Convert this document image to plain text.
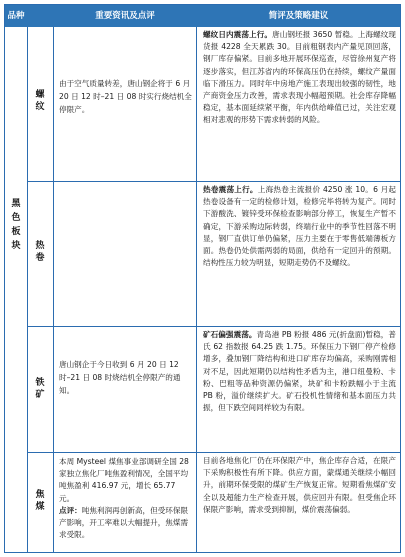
品种	重要资讯及点评	简评及策略建议
黑色板块
螺纹
由于空气质量转差，唐山钢企将于 6 月 20 日 12 时–21 日 08 时实行烧结机全停限产。
螺纹日内震荡上行。唐山钢坯报 3650 暂稳。上海螺纹现货报 4228 全天累跌 30。目前粗钢表内产量见顶回落，钢厂库存偏紧。目前多地开展环保巡查，尽管徐州复产将逐步落实，但江苏省内的环保高压仍在持续，螺纹产量面临下滑压力。同时年中房地产施工表现出较强的韧性，地产商资金压力改善，需求表现小幅超预期。社会库存降幅稳定，基本面延续紧平衡，年内供给峰值已过，关注宏观相对悲观的形势下需求转弱的风险。
热卷
热卷震荡上行。上海热卷主流报价 4250 涨 10。6 月起热卷设备有一定的检修计划，检修完毕将转为复产。同时下游酸洗、镀锌受环保检查影响部分停工，恢复生产暂不确定，下游采购边际转弱，终端行业中的季节性回落不明显，钢厂直供订单仍偏紧，压力主要在于零售低端薄板方面。热卷仍处供需两弱的局面，供给有一定回升的预期。结构性压力较为明显，短期走势仍不及螺纹。
铁矿
唐山钢企于今日收到 6 月 20 日 12 时–21 日 08 时烧结机全停限产的通知。
矿石偏强震荡。青岛港 PB 粉报 486 元(折盘面)暂稳，普氏 62 指数报 64.25 跌 1.75。环保压力下钢厂停产检修增多，叠加钢厂降结构和进口矿库存均偏高，采购刚需相对不足，因此短期仍以结构性矛盾为主，港口纽曼粉、卡粉、巴粗等品种资源仍偏紧，块矿和卡粉跌幅小于主流 PB 粉，溢价继续扩大。矿石投机性情绪和基本面压力共振，但下跌空间同样较为有限。
焦煤
本周 Mysteel 煤焦事业部调研全国 28 家独立焦化厂吨焦盈利情况，全国平均吨焦盈利 416.97 元，增长 65.77 元。
点评：吨焦利润再创新高，但受环保限产影响，开工率难以大幅提升，焦煤需求受限。
目前各地焦化厂仍在环保限产中，焦企库存合适，在限产下采购积极性有所下降。供应方面，蒙煤通关继续小幅回升，前期环保受限的煤矿生产恢复正常。短期看焦煤矿安全以及超能力生产检查开展，供应回升有限。但受焦企环保限产影响，需求受到抑制，煤价震荡偏弱。
